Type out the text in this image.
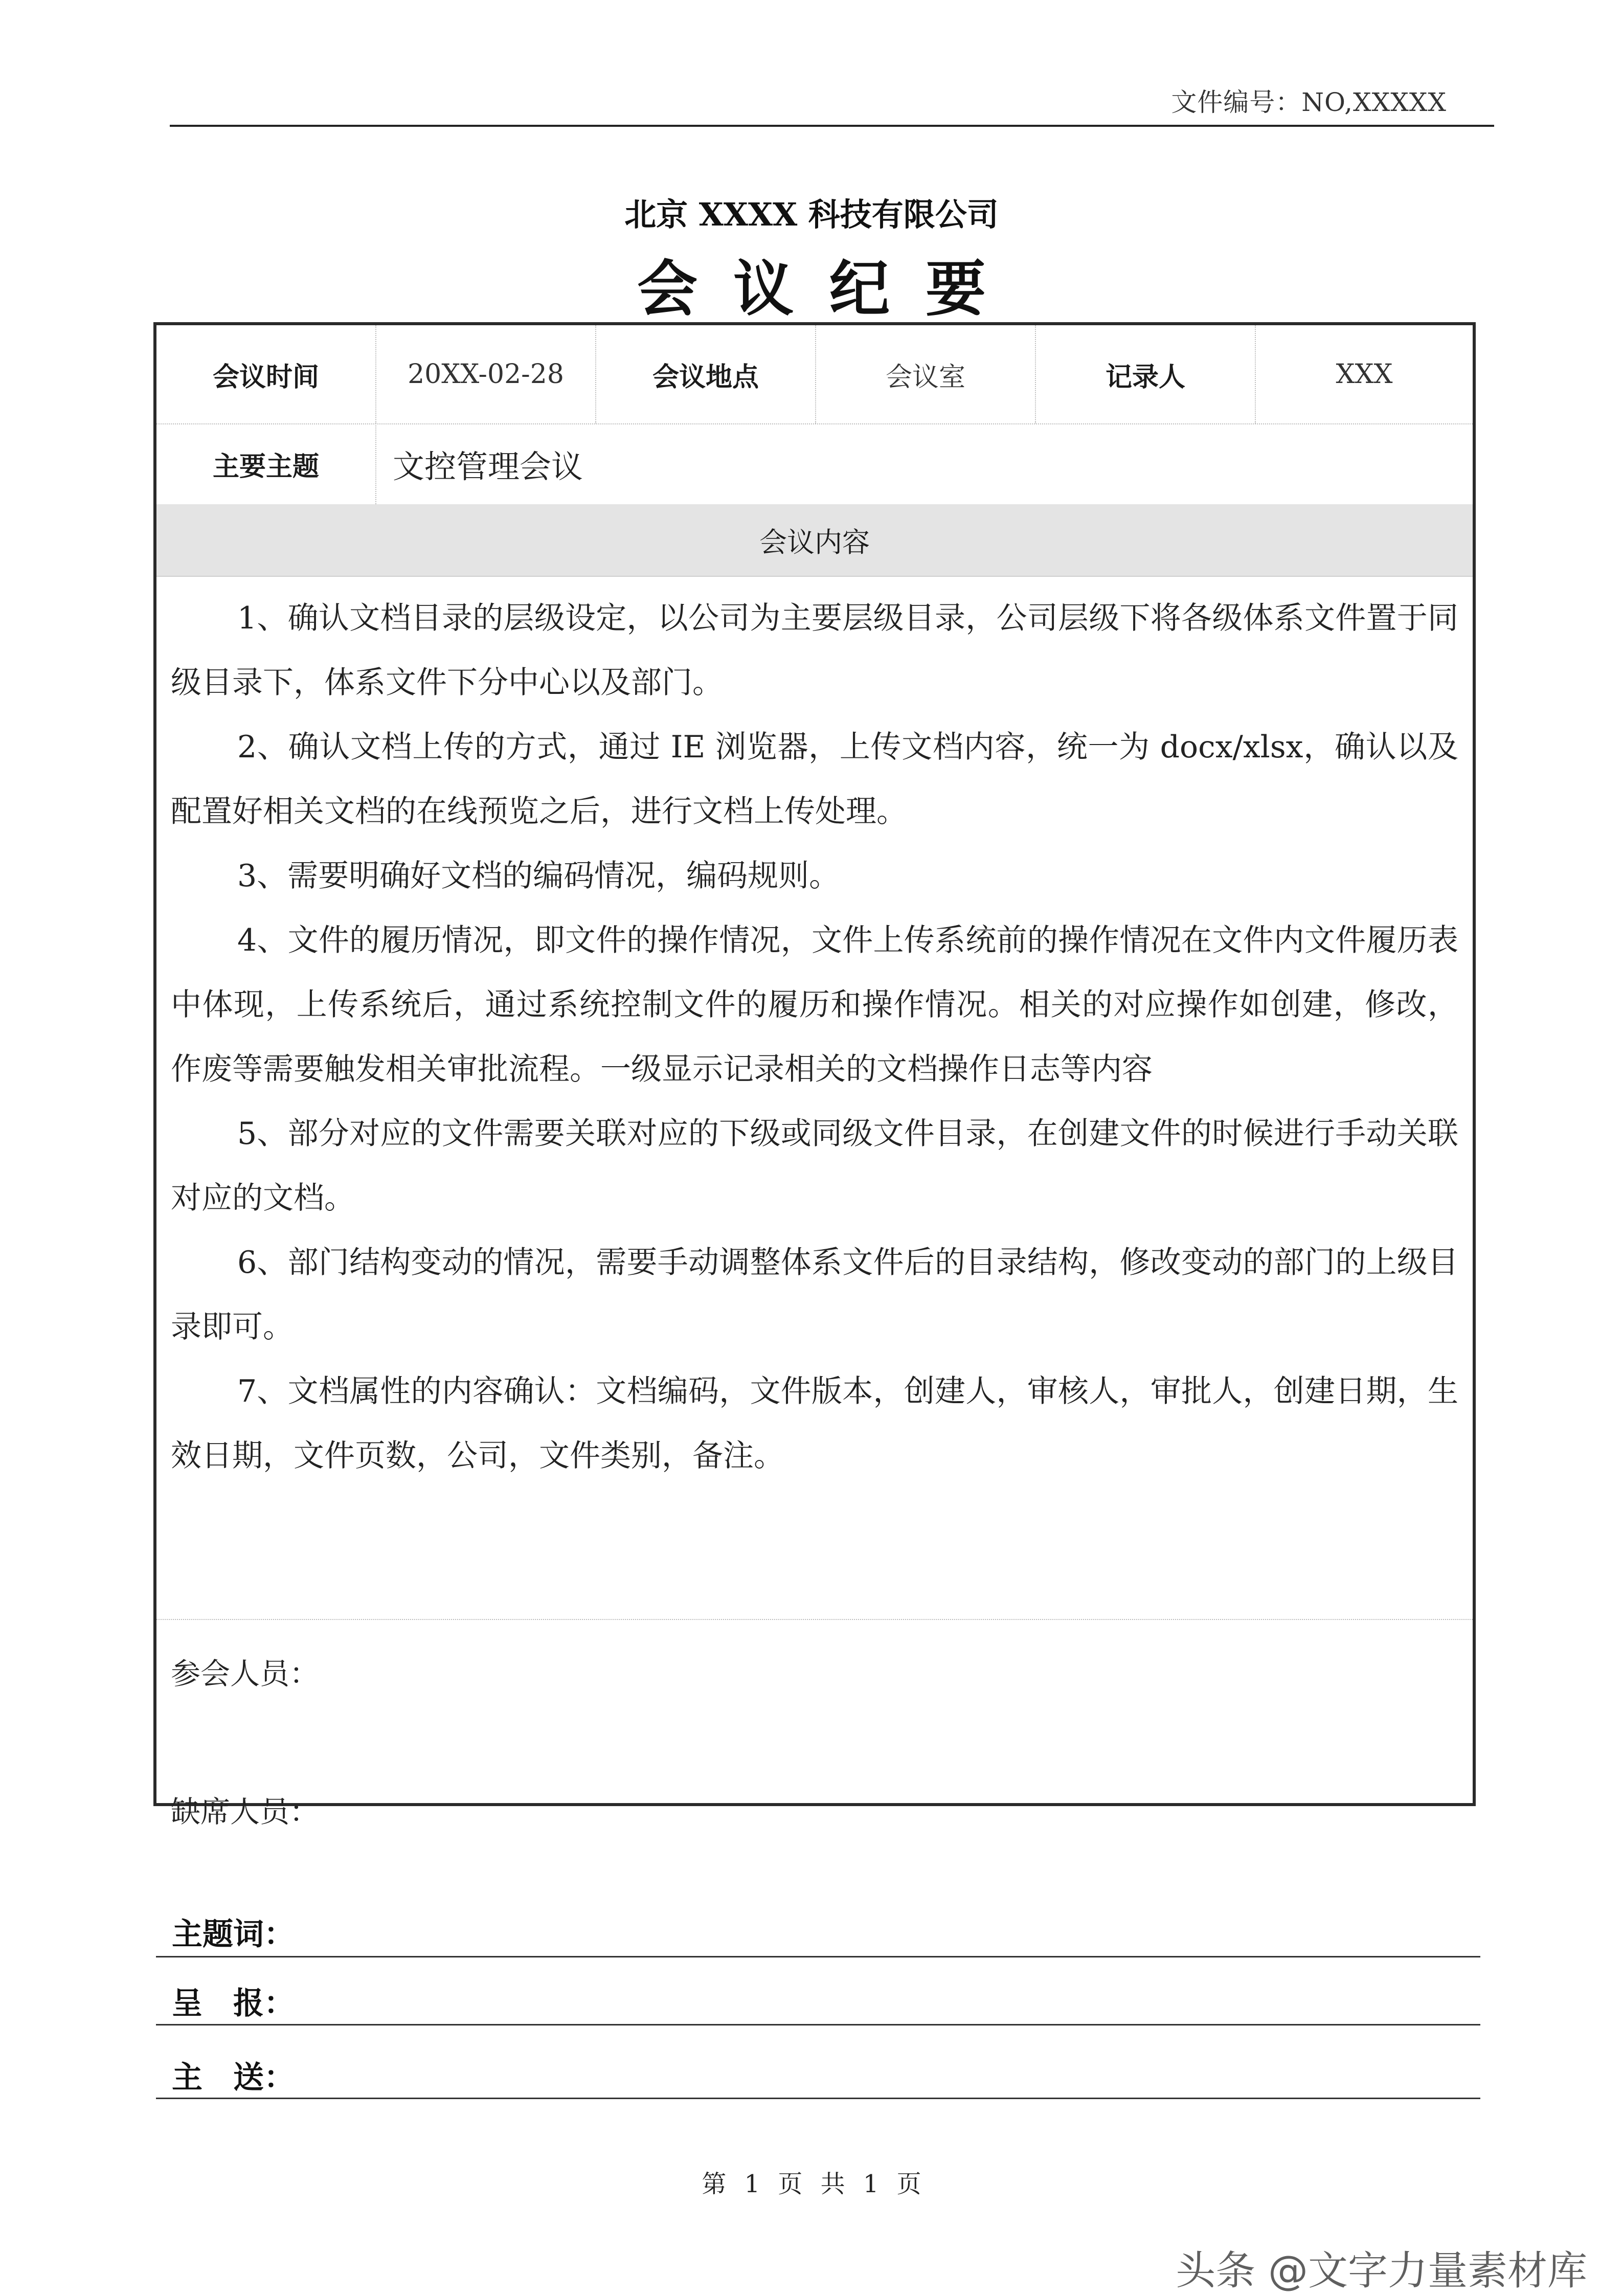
文件编号：NO,XXXXX
北京 XXXX 科技有限公司
会议纪要
会议时间	20XX-02-28	会议地点	会议室	记录人	XXX
主要主题	文控管理会议
会议内容

1、确认文档目录的层级设定，以公司为主要层级目录，公司层级下将各级体系文件置于同级目录下，体系文件下分中心以及部门。

2、确认文档上传的方式，通过 IE 浏览器，上传文档内容，统一为 docx/xlsx，确认以及配置好相关文档的在线预览之后，进行文档上传处理。

3、需要明确好文档的编码情况，编码规则。

4、文件的履历情况，即文件的操作情况，文件上传系统前的操作情况在文件内文件履历表中体现，上传系统后，通过系统控制文件的履历和操作情况。相关的对应操作如创建，修改，作废等需要触发相关审批流程。一级显示记录相关的文档操作日志等内容

5、部分对应的文件需要关联对应的下级或同级文件目录，在创建文件的时候进行手动关联对应的文档。

6、部门结构变动的情况，需要手动调整体系文件后的目录结构，修改变动的部门的上级目录即可。

7、文档属性的内容确认：文档编码，文件版本，创建人，审核人，审批人，创建日期，生效日期，文件页数，公司，文件类别，备注。

参会人员：
缺席人员：
主题词：
呈报：
主送：
第 1 页 共 1 页
头条 @文字力量素材库
